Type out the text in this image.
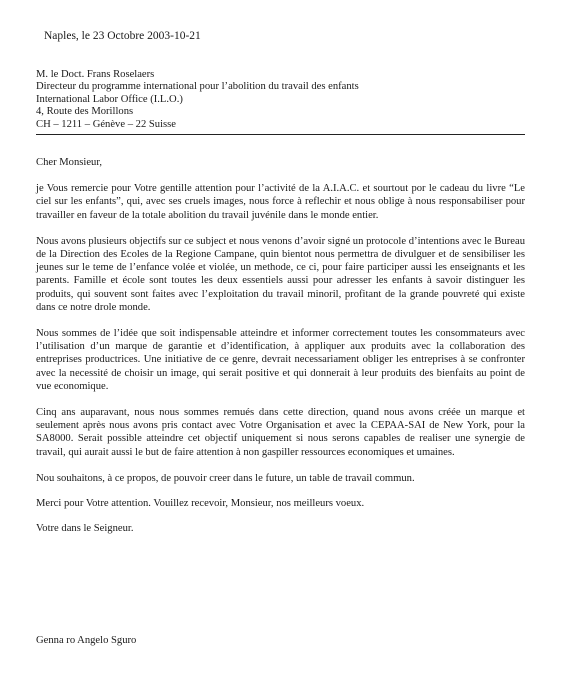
Naples, le 23 Octobre 2003-10-21
M. le Doct. Frans Roselaers
Directeur du programme international pour l’abolition du travail des enfants
International Labor Office (I.L.O.)
4, Route des Morillons
CH – 1211 – Génève – 22 Suisse

Cher Monsieur,

je Vous remercie pour Votre gentille attention pour l’activité de la A.I.A.C. et sourtout por le cadeau du livre “Le ciel sur les enfants”, qui, avec ses cruels images, nous force à reflechir et nous oblige à nous responsabiliser pour travailler en faveur de la totale abolition du travail juvénile dans le monde entier.

Nous avons plusieurs objectifs sur ce subject et nous venons d’avoir signé un protocole d’intentions avec le Bureau de la Direction des Ecoles de la Regione Campane, quin bientot nous permettra de divulguer et de sensibiliser les jeunes sur le teme de l’enfance volée et violée, un methode, ce ci, pour faire participer aussi les enseignants et les parents. Famille et école sont toutes les deux essentiels aussi pour adresser les enfants à savoir distinguer les produits, qui souvent sont faites avec l’exploitation du travail minoril, profitant de la grande pouvreté qui existe dans ce notre drole monde.

Nous sommes de l’idée que soit indispensable atteindre et informer correctement toutes les consommateurs avec l’utilisation d’un marque de garantie et d’identification, à appliquer aux produits avec la collaboration des entreprises productrices. Une initiative de ce genre, devrait necessariament obliger les entreprises à se confronter avec la necessité de choisir un image, qui serait positive et qui donnerait à leur produits des bienfaits au point de vue economique.

Cinq ans auparavant, nous nous sommes remués dans cette direction, quand nous avons créée un marque et seulement après nous avons pris contact avec Votre Organisation et avec la CEPAA-SAI de New York, pour la SA8000. Serait possible atteindre cet objectif uniquement si nous serons capables de realiser une synergie de travail, qui aurait aussi le but de faire attention à non gaspiller ressources economiques et umaines.

Nou souhaitons, à ce propos, de pouvoir creer dans le future, un table de travail commun.

Merci pour Votre attention. Vouillez recevoir, Monsieur, nos meilleurs voeux.

Votre dans le Seigneur.

Genna ro Angelo Sguro
